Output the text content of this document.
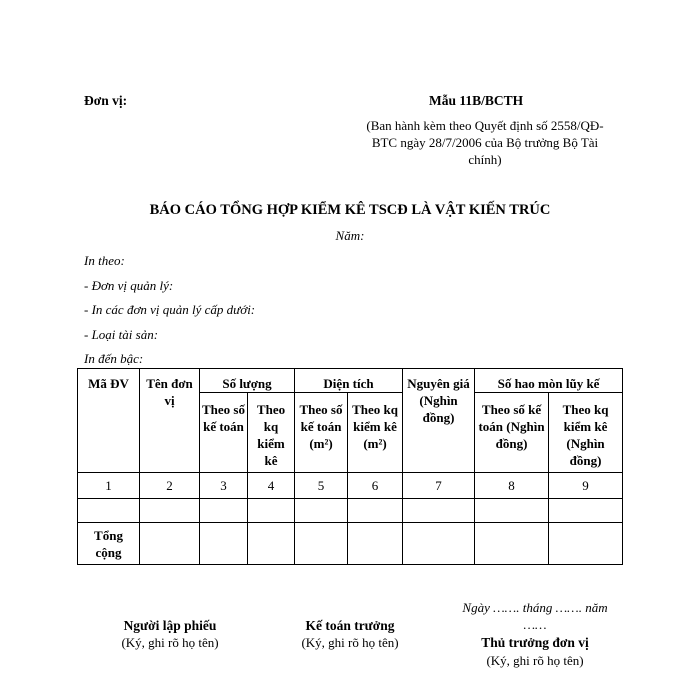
Đơn vị:	Mẫu 11B/BCTH
(Ban hành kèm theo Quyết định số 2558/QĐ-
BTC ngày 28/7/2006 của Bộ trưởng Bộ Tài
chính)
BÁO CÁO TỔNG HỢP KIỂM KÊ TSCĐ LÀ VẬT KIẾN TRÚC
Năm:
In theo:
- Đơn vị quản lý:
- In các đơn vị quản lý cấp dưới:
- Loại tài sản:
In đến bậc:
Mã ĐV	Tên đơn vị	Số lượng		Diện tích		Nguyên giá (Nghìn đồng)	Số hao mòn lũy kế	
		Theo số kế toán	Theo kq kiểm kê	Theo số kế toán (m²)	Theo kq kiểm kê (m²)		Theo số kế toán (Nghìn đồng)	Theo kq kiểm kê (Nghìn đồng)
1	2	3	4	5	6	7	8	9

Tổng cộng								
Ngày ……. tháng ……. năm
……
Người lập phiếu
(Ký, ghi rõ họ tên)
Kế toán trưởng
(Ký, ghi rõ họ tên)	Thủ trưởng đơn vị
(Ký, ghi rõ họ tên)
